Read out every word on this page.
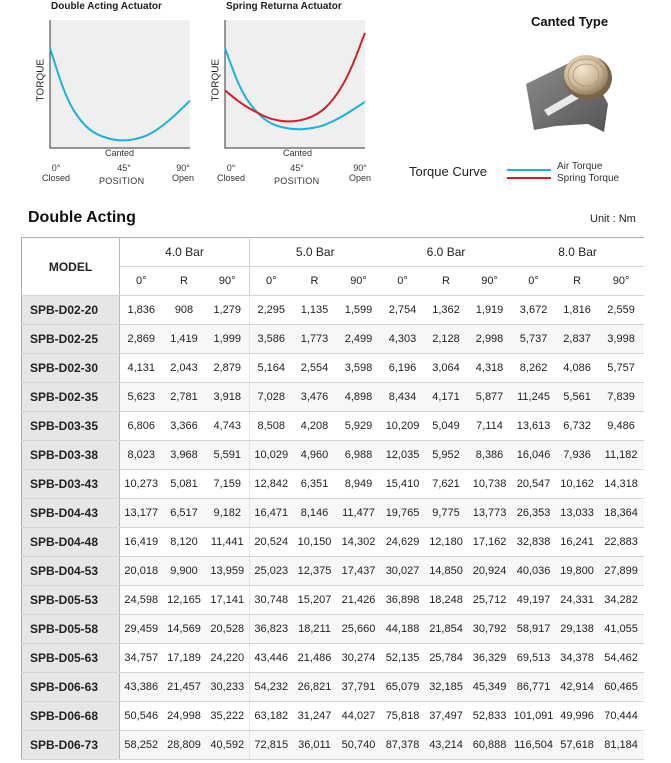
Double Acting Actuator
TORQUE
Canted
0°
Closed
45°	90°
Open
POSITION
Spring Returna Actuator
TORQUE
Canted
0°
Closed
45°	90°
Open
POSITION
Canted Type
Torque Curve	Air Torque
Spring Torque
Double Acting	Unit : Nm
MODEL	4.0 Bar			5.0 Bar			6.0 Bar			8.0 Bar		
	0°	R	90°	0°	R	90°	0°	R	90°	0°	R	90°
SPB-D02-20	1,836	908	1,279	2,295	1,135	1,599	2,754	1,362	1,919	3,672	1,816	2,559
SPB-D02-25	2,869	1,419	1,999	3,586	1,773	2,499	4,303	2,128	2,998	5,737	2,837	3,998
SPB-D02-30	4,131	2,043	2,879	5,164	2,554	3,598	6,196	3,064	4,318	8,262	4,086	5,757
SPB-D02-35	5,623	2,781	3,918	7,028	3,476	4,898	8,434	4,171	5,877	11,245	5,561	7,839
SPB-D03-35	6,806	3,366	4,743	8,508	4,208	5,929	10,209	5,049	7,114	13,613	6,732	9,486
SPB-D03-38	8,023	3,968	5,591	10,029	4,960	6,988	12,035	5,952	8,386	16,046	7,936	11,182
SPB-D03-43	10,273	5,081	7,159	12,842	6,351	8,949	15,410	7,621	10,738	20,547	10,162	14,318
SPB-D04-43	13,177	6,517	9,182	16,471	8,146	11,477	19,765	9,775	13,773	26,353	13,033	18,364
SPB-D04-48	16,419	8,120	11,441	20,524	10,150	14,302	24,629	12,180	17,162	32,838	16,241	22,883
SPB-D04-53	20,018	9,900	13,959	25,023	12,375	17,437	30,027	14,850	20,924	40,036	19,800	27,899
SPB-D05-53	24,598	12,165	17,141	30,748	15,207	21,426	36,898	18,248	25,712	49,197	24,331	34,282
SPB-D05-58	29,459	14,569	20,528	36,823	18,211	25,660	44,188	21,854	30,792	58,917	29,138	41,055
SPB-D05-63	34,757	17,189	24,220	43,446	21,486	30,274	52,135	25,784	36,329	69,513	34,378	54,462
SPB-D06-63	43,386	21,457	30,233	54,232	26,821	37,791	65,079	32,185	45,349	86,771	42,914	60,465
SPB-D06-68	50,546	24,998	35,222	63,182	31,247	44,027	75,818	37,497	52,833	101,091	49,996	70,444
SPB-D06-73	58,252	28,809	40,592	72,815	36,011	50,740	87,378	43,214	60,888	116,504	57,618	81,184
